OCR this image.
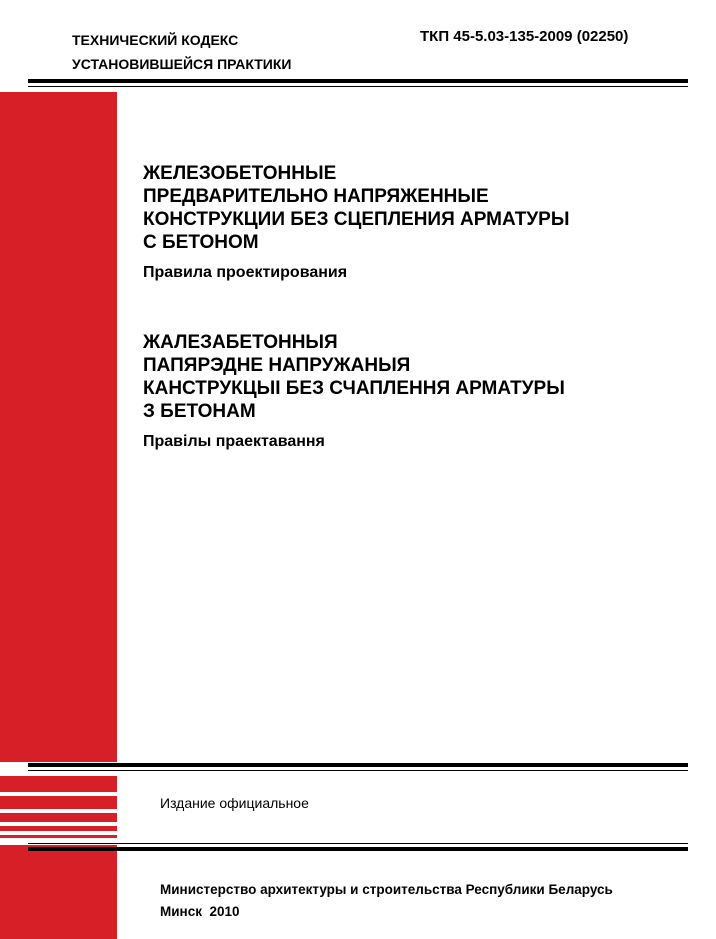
ТЕХНИЧЕСКИЙ КОДЕКС
УСТАНОВИВШЕЙСЯ ПРАКТИКИ
ТКП 45-5.03-135-2009 (02250)
ЖЕЛЕЗОБЕТОННЫЕ
ПРЕДВАРИТЕЛЬНО НАПРЯЖЕННЫЕ
КОНСТРУКЦИИ БЕЗ СЦЕПЛЕНИЯ АРМАТУРЫ
С БЕТОНОМ
Правила проектирования
ЖАЛЕЗАБЕТОННЫЯ
ПАПЯРЭДНЕ НАПРУЖАНЫЯ
КАНСТРУКЦЫІ БЕЗ СЧАПЛЕННЯ АРМАТУРЫ
З БЕТОНАМ
Правілы праектавання
Издание официальное
Министерство архитектуры и строительства Республики Беларусь
Минск  2010
